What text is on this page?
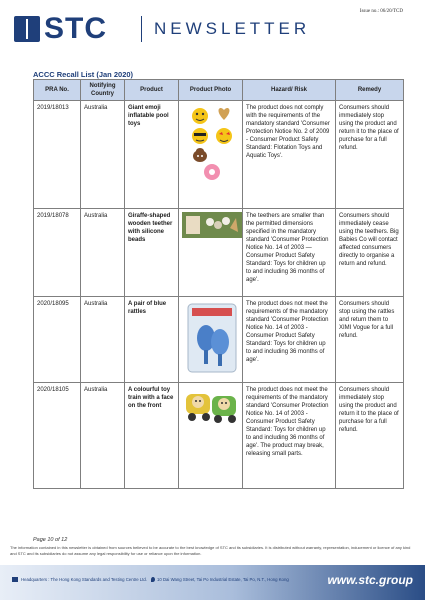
STC	NEWSLETTER
Issue no.: 06/20/TCD
ACCC Recall List (Jan 2020)
PRA No.	Notifying Country	Product	Product Photo	Hazard/ Risk	Remedy
2019/18013	Australia	Giant emoji inflatable pool toys		The product does not comply with the requirements of the mandatory standard 'Consumer Protection Notice No. 2 of 2009 - Consumer Product Safety Standard: Flotation Toys and Aquatic Toys'.	Consumers should immediately stop using the product and return it to the place of purchase for a full refund.
2019/18078	Australia	Giraffe-shaped wooden teether with silicone beads		The teethers are smaller than the permitted dimensions specified in the mandatory standard 'Consumer Protection Notice No. 14 of 2003 — Consumer Product Safety Standard: Toys for children up to and including 36 months of age'.	Consumers should immediately cease using the teethers. Big Babies Co will contact affected consumers directly to organise a return and refund.
2020/18095	Australia	A pair of blue rattles		The product does not meet the requirements of the mandatory standard 'Consumer Protection Notice No. 14 of 2003 - Consumer Product Safety Standard: Toys for children up to and including 36 months of age'.	Consumers should stop using the rattles and return them to XIMI Vogue for a full refund.
2020/18105	Australia	A colourful toy train with a face on the front		The product does not meet the requirements of the mandatory standard 'Consumer Protection Notice No. 14 of 2003 - Consumer Product Safety Standard: Toys for children up to and including 36 months of age'. The product may break, releasing small parts.	Consumers should immediately stop using the product and return it to the place of purchase for a full refund.
Page 10 of 12
The information contained in this newsletter is obtained from sources believed to be accurate to the best knowledge of STC and its subsidiaries. It is distributed without warranty, representation, inducement or licence of any kind and STC and its subsidiaries do not assume any legal responsibility for use or reliance upon the information.
Headquarters : The Hong Kong Standards and Testing Centre Ltd. 10 Dai Wang Street, Tai Po Industrial Estate, Tai Po, N.T., Hong Kong	www.stc.group
